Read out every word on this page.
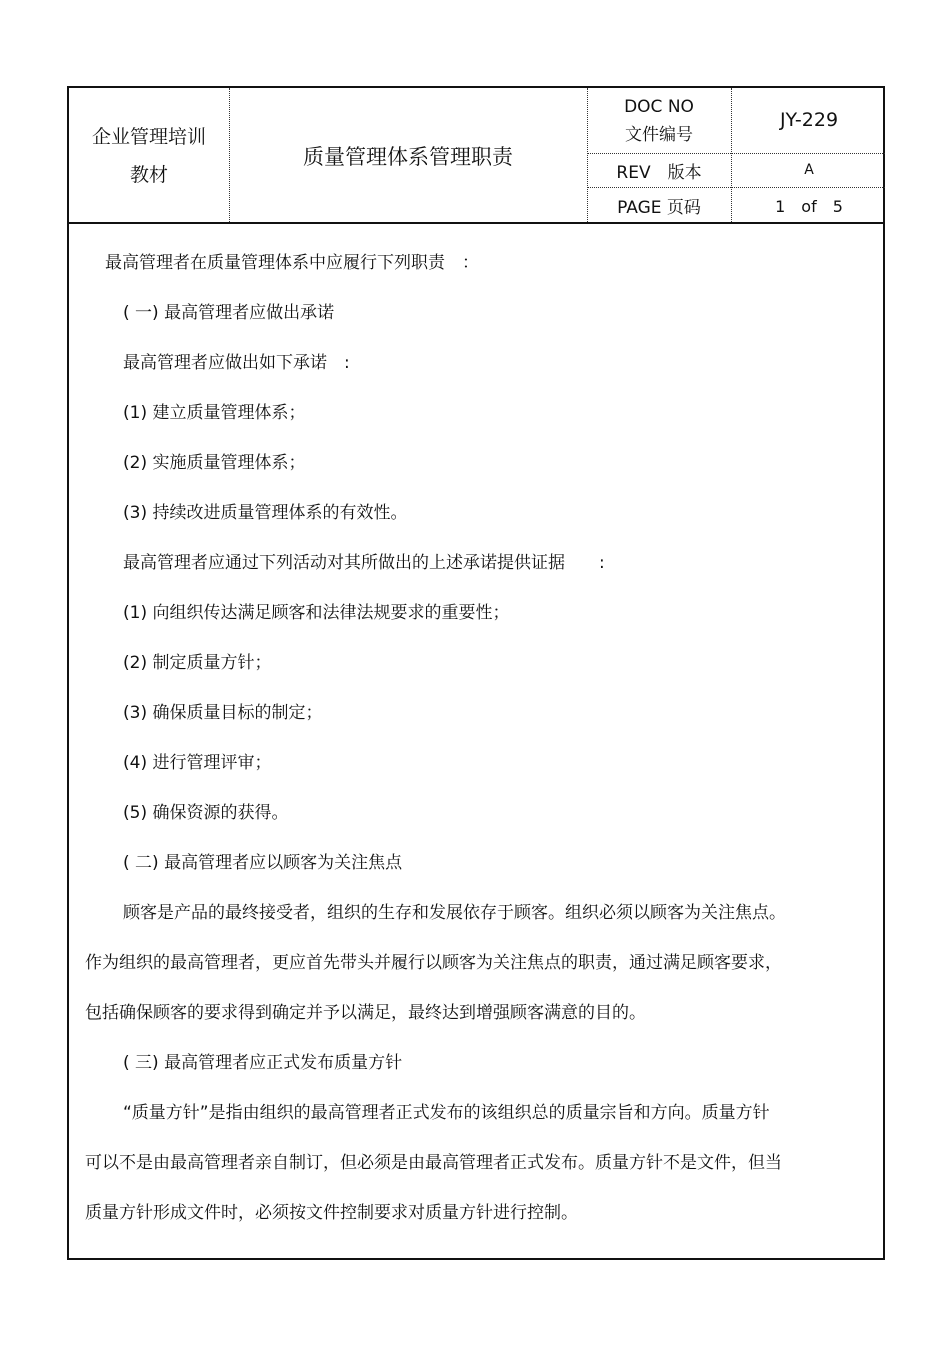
企业管理培训
教材
质量管理体系管理职责
DOC NO
文件编号
JY-229
REV　版本	A
PAGE 页码	1　of　5
最高管理者在质量管理体系中应履行下列职责　：
( 一) 最高管理者应做出承诺
最高管理者应做出如下承诺　:
(1) 建立质量管理体系；
(2) 实施质量管理体系；
(3) 持续改进质量管理体系的有效性。
最高管理者应通过下列活动对其所做出的上述承诺提供证据　　:
(1) 向组织传达满足顾客和法律法规要求的重要性；
(2) 制定质量方针；
(3) 确保质量目标的制定；
(4) 进行管理评审；
(5) 确保资源的获得。
( 二) 最高管理者应以顾客为关注焦点
顾客是产品的最终接受者，组织的生存和发展依存于顾客。组织必须以顾客为关注焦点。
作为组织的最高管理者，更应首先带头并履行以顾客为关注焦点的职责，通过满足顾客要求，
包括确保顾客的要求得到确定并予以满足，最终达到增强顾客满意的目的。
( 三) 最高管理者应正式发布质量方针
“质量方针”是指由组织的最高管理者正式发布的该组织总的质量宗旨和方向。质量方针
可以不是由最高管理者亲自制订，但必须是由最高管理者正式发布。质量方针不是文件，但当
质量方针形成文件时，必须按文件控制要求对质量方针进行控制。
